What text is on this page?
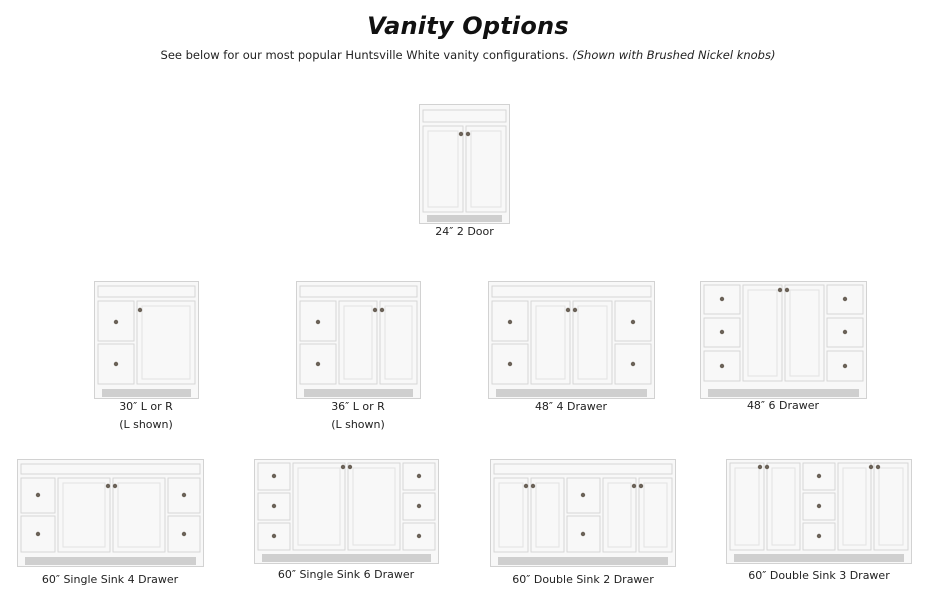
Vanity Options
See below for our most popular Huntsville White vanity configurations. (Shown with Brushed Nickel knobs)
24″ 2 Door
30″ L or R
(L shown)
36″ L or R
(L shown)
48″ 4 Drawer	48″ 6 Drawer
60″ Single Sink 4 Drawer	60″ Single Sink 6 Drawer	60″ Double Sink 2 Drawer	60″ Double Sink 3 Drawer
